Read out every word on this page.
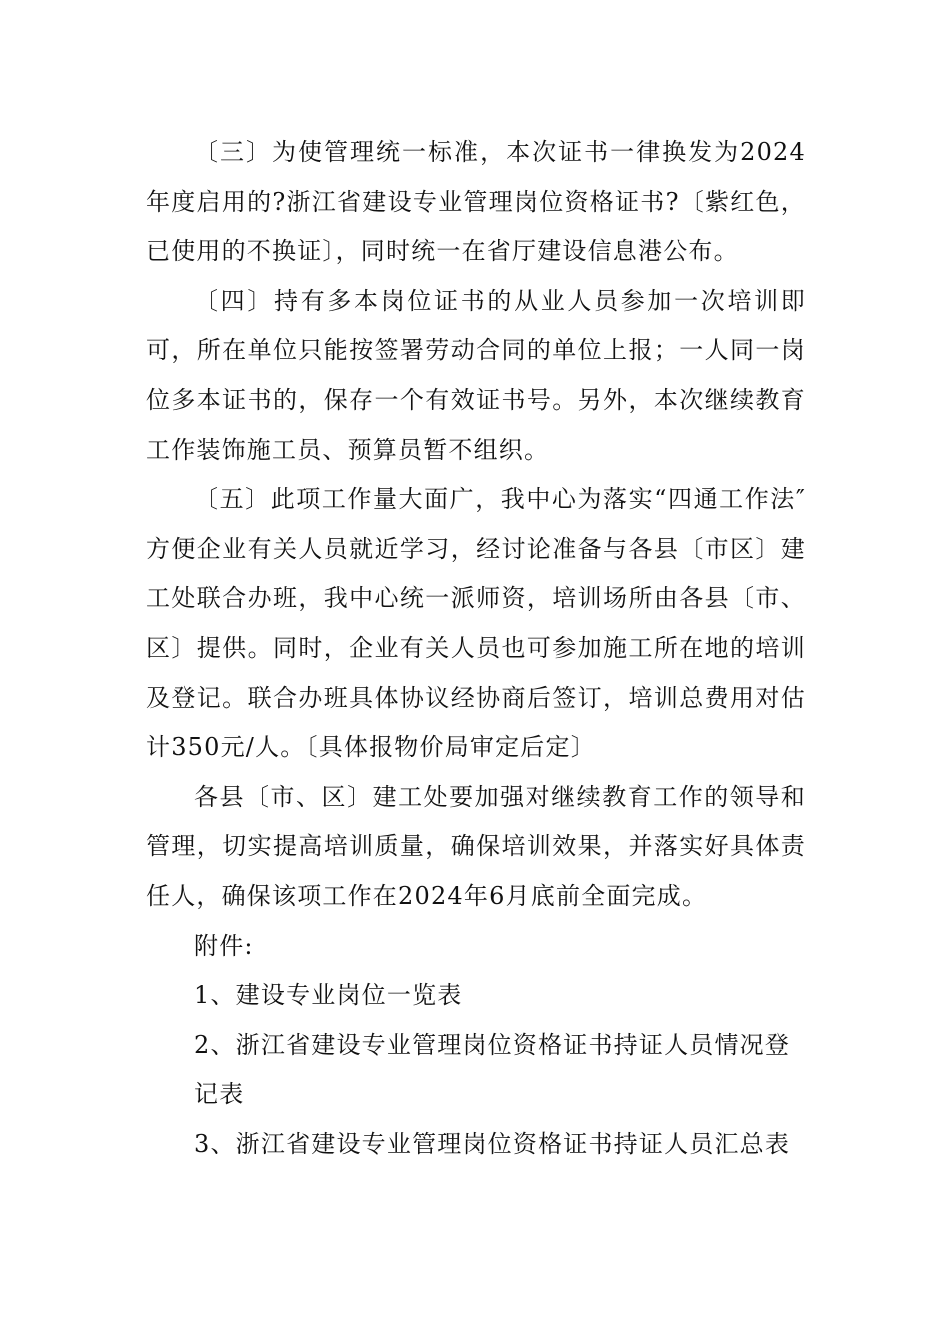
〔三〕为使管理统一标准，本次证书一律换发为2024年度启用的?浙江省建设专业管理岗位资格证书?〔紫红色，已使用的不换证〕，同时统一在省厅建设信息港公布。

〔四〕持有多本岗位证书的从业人员参加一次培训即可，所在单位只能按签署劳动合同的单位上报；一人同一岗位多本证书的，保存一个有效证书号。另外，本次继续教育工作装饰施工员、预算员暂不组织。

〔五〕此项工作量大面广，我中心为落实“四通工作法″方便企业有关人员就近学习，经讨论准备与各县〔市区〕建工处联合办班，我中心统一派师资，培训场所由各县〔市、区〕提供。同时，企业有关人员也可参加施工所在地的培训及登记。联合办班具体协议经协商后签订，培训总费用对估计350元/人。〔具体报物价局审定后定〕

各县〔市、区〕建工处要加强对继续教育工作的领导和管理，切实提高培训质量，确保培训效果，并落实好具体责任人，确保该项工作在2024年6月底前全面完成。

附件:

1、建设专业岗位一览表

2、浙江省建设专业管理岗位资格证书持证人员情况登记表

3、浙江省建设专业管理岗位资格证书持证人员汇总表
